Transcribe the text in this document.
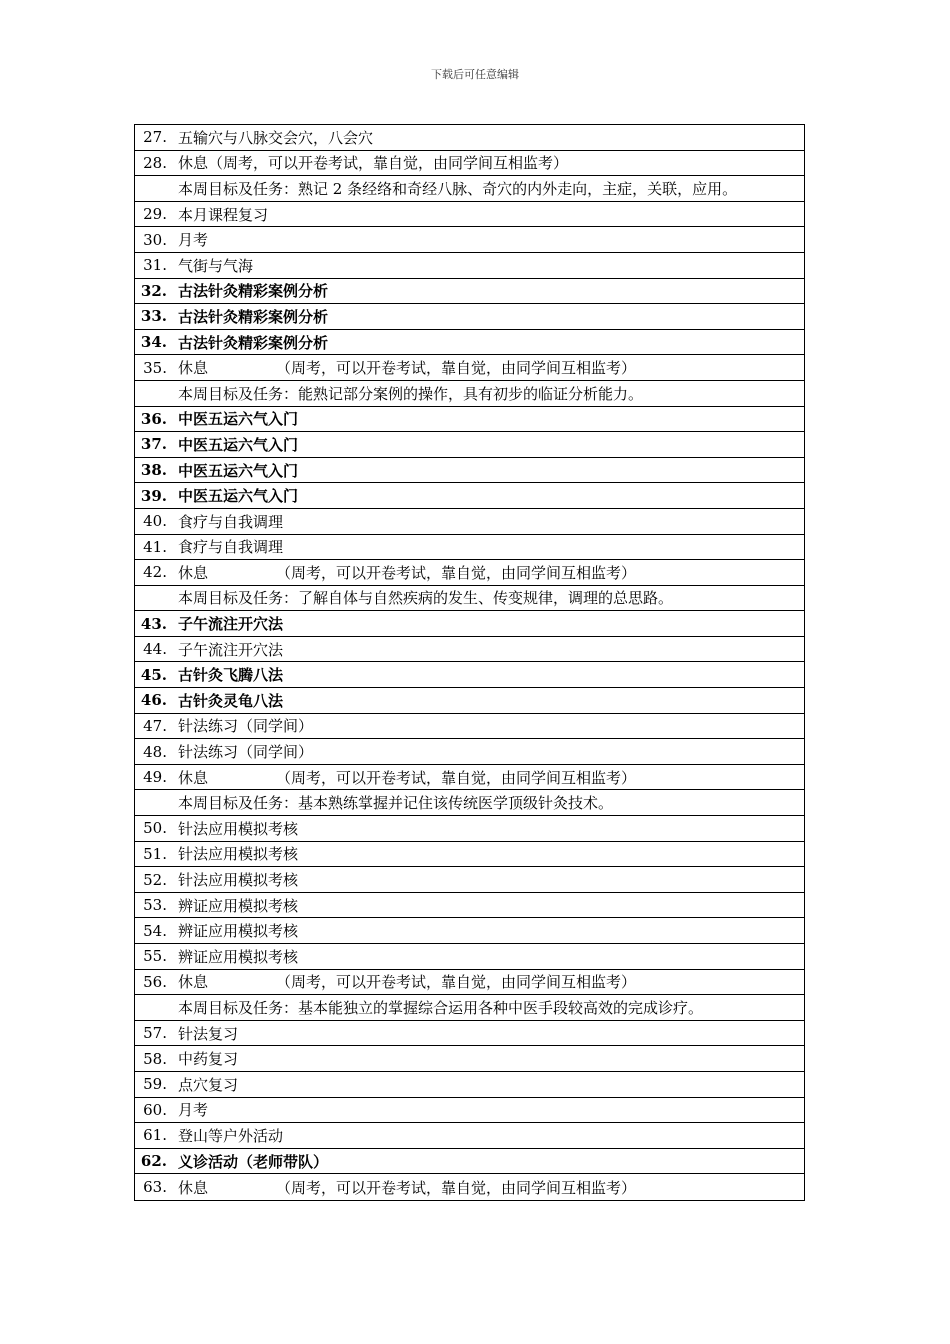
下载后可任意编辑
27. 五输穴与八脉交会穴，八会穴
28. 休息（周考，可以开卷考试，靠自觉，由同学间互相监考）
本周目标及任务：熟记 2 条经络和奇经八脉、奇穴的内外走向，主症，关联，应用。
29. 本月课程复习
30. 月考
31. 气街与气海
32. 古法针灸精彩案例分析
33. 古法针灸精彩案例分析
34. 古法针灸精彩案例分析
35. 休息	（周考，可以开卷考试，靠自觉，由同学间互相监考）
本周目标及任务：能熟记部分案例的操作，具有初步的临证分析能力。
36. 中医五运六气入门
37. 中医五运六气入门
38. 中医五运六气入门
39. 中医五运六气入门
40. 食疗与自我调理
41. 食疗与自我调理
42. 休息	（周考，可以开卷考试，靠自觉，由同学间互相监考）
本周目标及任务：了解自体与自然疾病的发生、传变规律，调理的总思路。
43. 子午流注开穴法
44. 子午流注开穴法
45. 古针灸飞腾八法
46. 古针灸灵龟八法
47. 针法练习（同学间）
48. 针法练习（同学间）
49. 休息	（周考，可以开卷考试，靠自觉，由同学间互相监考）
本周目标及任务：基本熟练掌握并记住该传统医学顶级针灸技术。
50. 针法应用模拟考核
51. 针法应用模拟考核
52. 针法应用模拟考核
53. 辨证应用模拟考核
54. 辨证应用模拟考核
55. 辨证应用模拟考核
56. 休息	（周考，可以开卷考试，靠自觉，由同学间互相监考）
本周目标及任务：基本能独立的掌握综合运用各种中医手段较高效的完成诊疗。
57. 针法复习
58. 中药复习
59. 点穴复习
60. 月考
61. 登山等户外活动
62. 义诊活动（老师带队）
63. 休息	（周考，可以开卷考试，靠自觉，由同学间互相监考）
